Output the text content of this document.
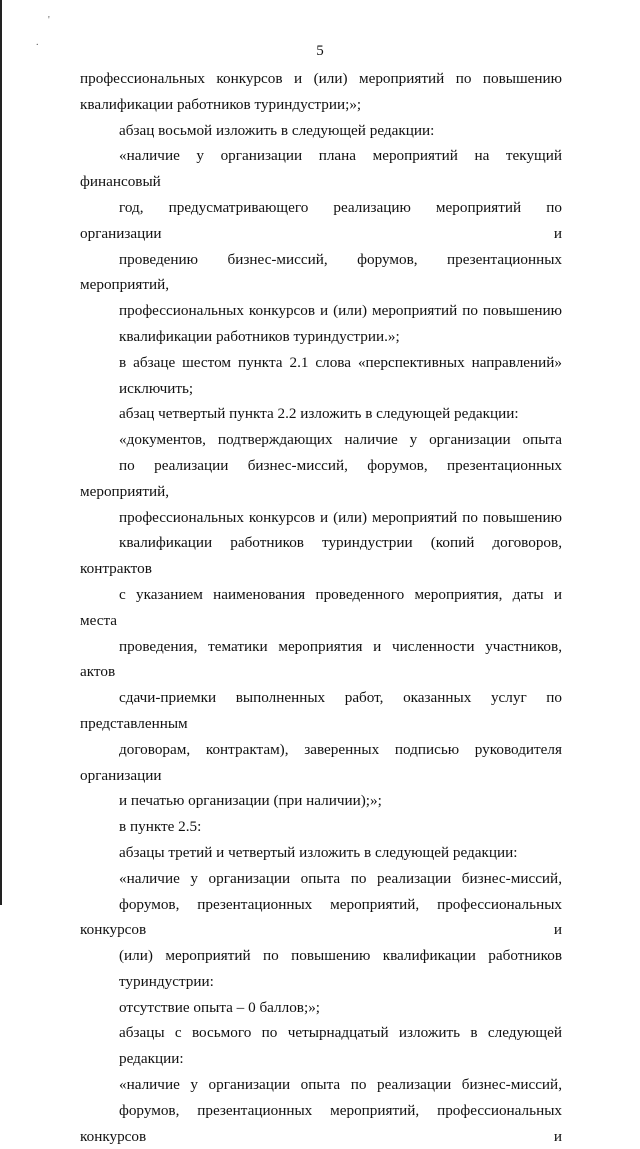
'
.
5

профессиональных конкурсов и (или) мероприятий по повышению
квалификации работников туриндустрии;»;

абзац восьмой изложить в следующей редакции:

«наличие у организации плана мероприятий на текущий финансовый
год, предусматривающего реализацию мероприятий по организации и
проведению бизнес-миссий, форумов, презентационных мероприятий,
профессиональных конкурсов и (или) мероприятий по повышению
квалификации работников туриндустрии.»;

в абзаце шестом пункта 2.1 слова «перспективных направлений»
исключить;

абзац четвертый пункта 2.2 изложить в следующей редакции:

«документов, подтверждающих наличие у организации опыта
по реализации бизнес-миссий, форумов, презентационных мероприятий,
профессиональных конкурсов и (или) мероприятий по повышению
квалификации работников туриндустрии (копий договоров, контрактов
с указанием наименования проведенного мероприятия, даты и места
проведения, тематики мероприятия и численности участников, актов
сдачи-приемки выполненных работ, оказанных услуг по представленным
договорам, контрактам), заверенных подписью руководителя организации
и печатью организации (при наличии);»;

в пункте 2.5:

абзацы третий и четвертый изложить в следующей редакции:

«наличие у организации опыта по реализации бизнес-миссий,
форумов, презентационных мероприятий, профессиональных конкурсов и
(или) мероприятий по повышению квалификации работников
туриндустрии:

отсутствие опыта – 0 баллов;»;

абзацы с восьмого по четырнадцатый изложить в следующей
редакции:

«наличие у организации опыта по реализации бизнес-миссий,
форумов, презентационных мероприятий, профессиональных конкурсов и
